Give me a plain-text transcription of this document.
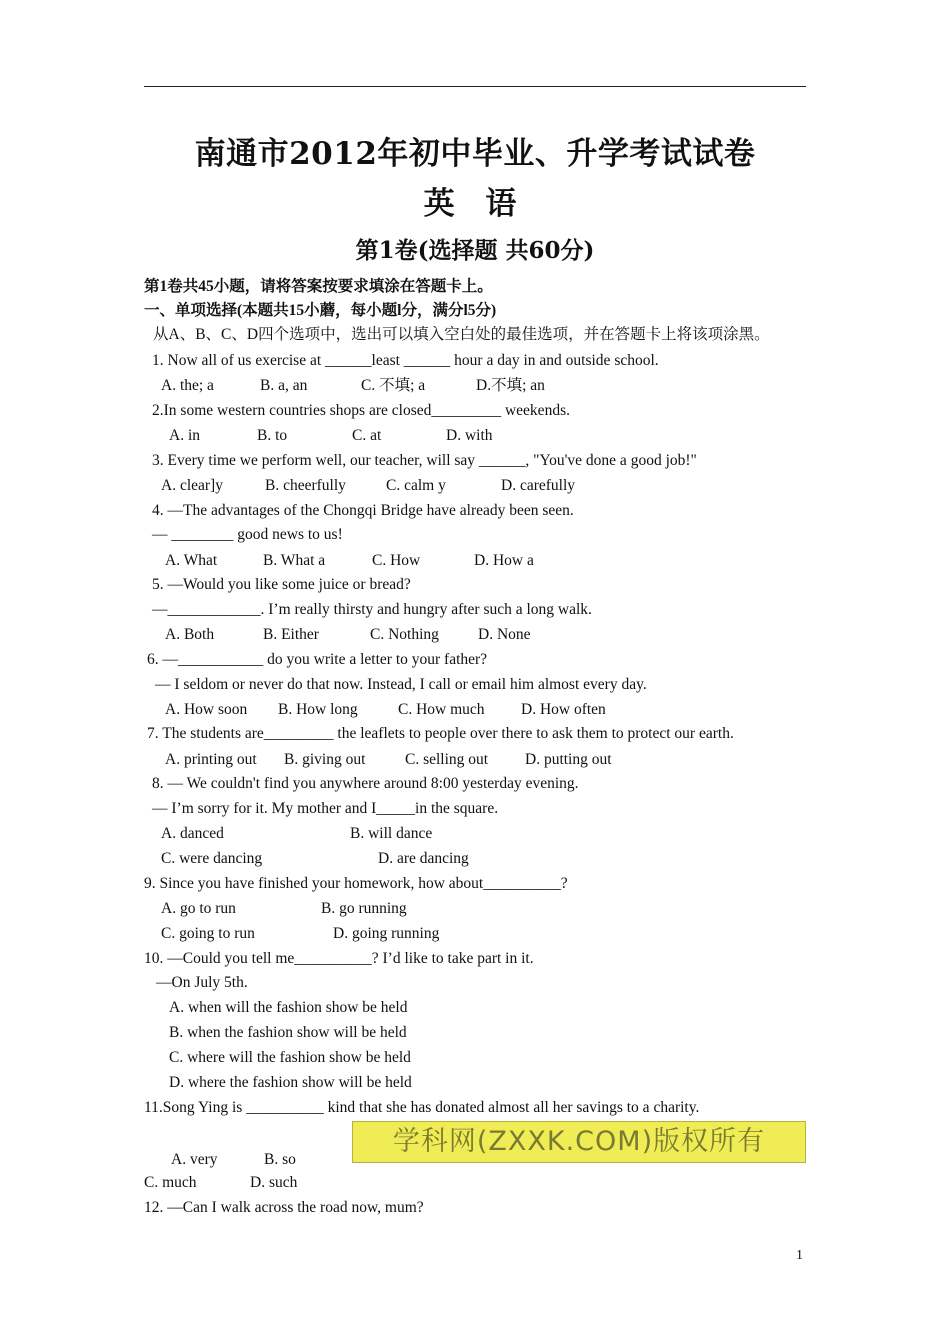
南通市2012年初中毕业、升学考试试卷
英 语
第1卷(选择题 共60分)
第1卷共45小题，请将答案按要求填涂在答题卡上。
一、单项选择(本题共15小蘑，每小题l分，满分l5分)
从A、B、C、D四个选项中，选出可以填入空白处的最佳选项，并在答题卡上将该项涂黑。
1. Now all of us exercise at ______least ______ hour a day in and outside school.
A. the; a	B. a, an	C. 不填; a	D.不填; an
2.In some western countries shops are closed_________ weekends.
A. in	B. to	C. at	D. with
3. Every time we perform well, our teacher, will say ______, "You've done a good job!"
A. clear]y	B. cheerfully	C. calm y	D. carefully
4. —The advantages of the Chongqi Bridge have already been seen.
— ________ good news to us!
A. What	B. What a	C. How	D. How a
5. —Would you like some juice or bread?
—____________. I’m really thirsty and hungry after such a long walk.
A. Both	B. Either	C. Nothing	D. None
6. —___________ do you write a letter to your father?
— I seldom or never do that now. Instead, I call or email him almost every day.
A. How soon B. How long	C. How much D. How often
7. The students are_________ the leaflets to people over there to ask them to protect our earth.
A. printing out B. giving out	C. selling out D. putting out
8. — We couldn't find you anywhere around 8:00 yesterday evening.
— I’m sorry for it. My mother and I_____in the square.
A. danced	B. will dance
C. were dancing	D. are dancing
9. Since you have finished your homework, how about__________?
A. go to run	B. go running
C. going to run	D. going running
10. —Could you tell me__________? I’d like to take part in it.
—On July 5th.
A. when will the fashion show be held
B. when the fashion show will be held
C. where will the fashion show be held
D. where the fashion show will be held
11.Song Ying is __________ kind that she has donated almost all her savings to a charity.
A. very	B. so
C. much	D. such
12. —Can I walk across the road now, mum?
学科网(ZXXK.COM)版权所有
1
